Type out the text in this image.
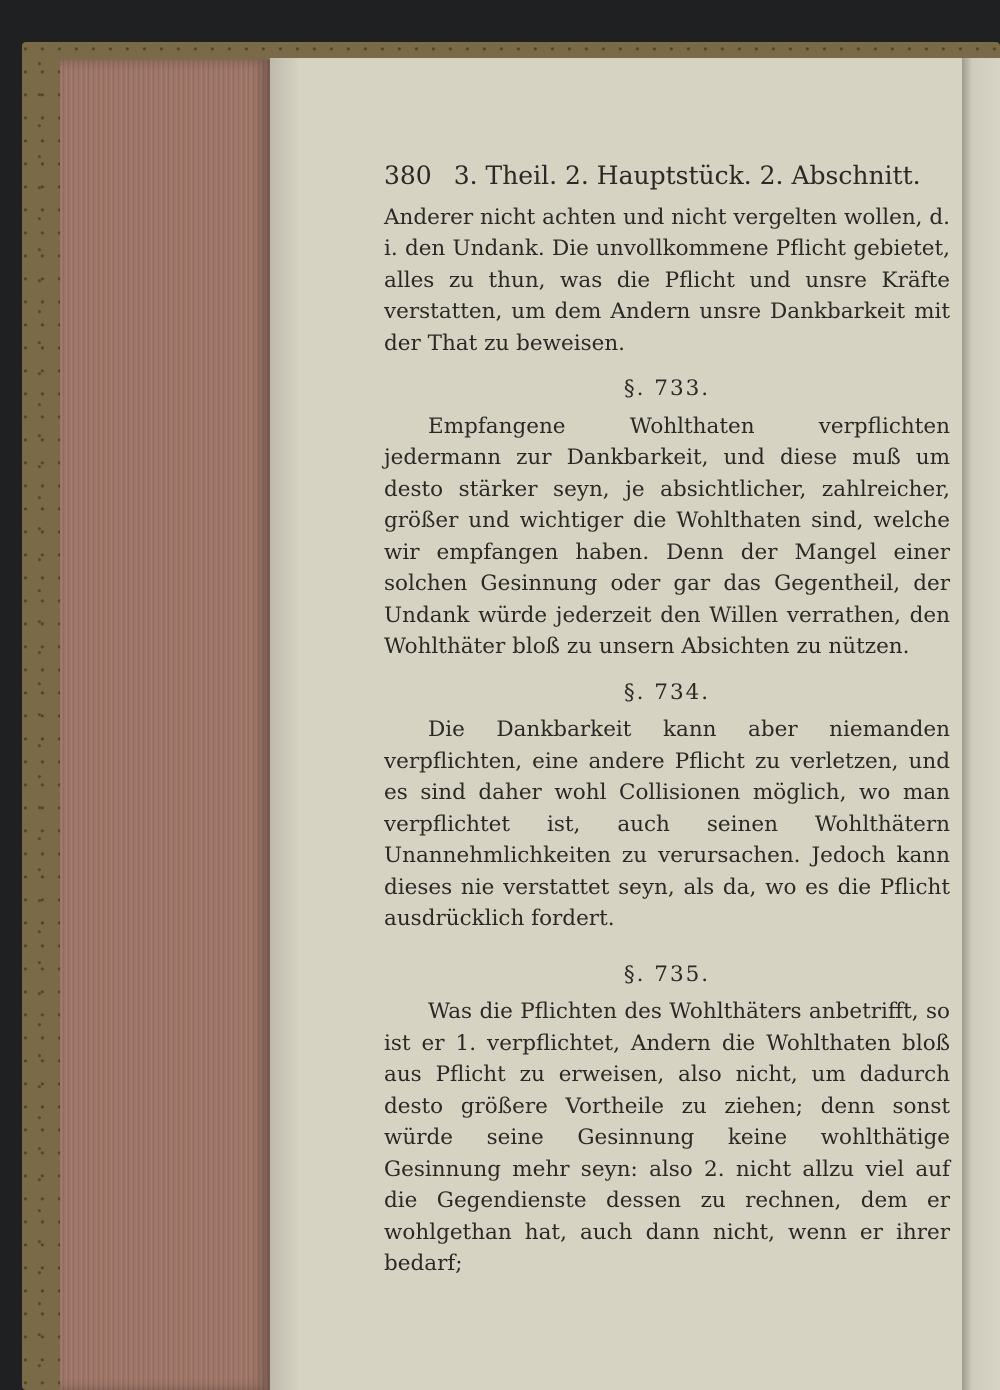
380 3. Theil. 2. Hauptstück. 2. Abschnitt.

Anderer nicht achten und nicht vergelten wollen, d. i. den Undank. Die unvollkommene Pflicht gebietet, alles zu thun, was die Pflicht und unsre Kräfte verstatten, um dem Andern unsre Dankbarkeit mit der That zu beweisen.

§. 733.

Empfangene Wohlthaten verpflichten jedermann zur Dankbarkeit, und diese muß um desto stärker seyn, je absichtlicher, zahlreicher, größer und wichtiger die Wohlthaten sind, welche wir empfangen haben. Denn der Mangel einer solchen Gesinnung oder gar das Gegentheil, der Undank würde jederzeit den Willen verrathen, den Wohlthäter bloß zu unsern Absichten zu nützen.

§. 734.

Die Dankbarkeit kann aber niemanden verpflichten, eine andere Pflicht zu verletzen, und es sind daher wohl Collisionen möglich, wo man verpflichtet ist, auch seinen Wohlthätern Unannehmlichkeiten zu verursachen. Jedoch kann dieses nie verstattet seyn, als da, wo es die Pflicht ausdrücklich fordert.

§. 735.

Was die Pflichten des Wohlthäters anbetrifft, so ist er 1. verpflichtet, Andern die Wohlthaten bloß aus Pflicht zu erweisen, also nicht, um dadurch desto größere Vortheile zu ziehen; denn sonst würde seine Gesinnung keine wohlthätige Gesinnung mehr seyn: also 2. nicht allzu viel auf die Gegendienste dessen zu rechnen, dem er wohlgethan hat, auch dann nicht, wenn er ihrer bedarf;
